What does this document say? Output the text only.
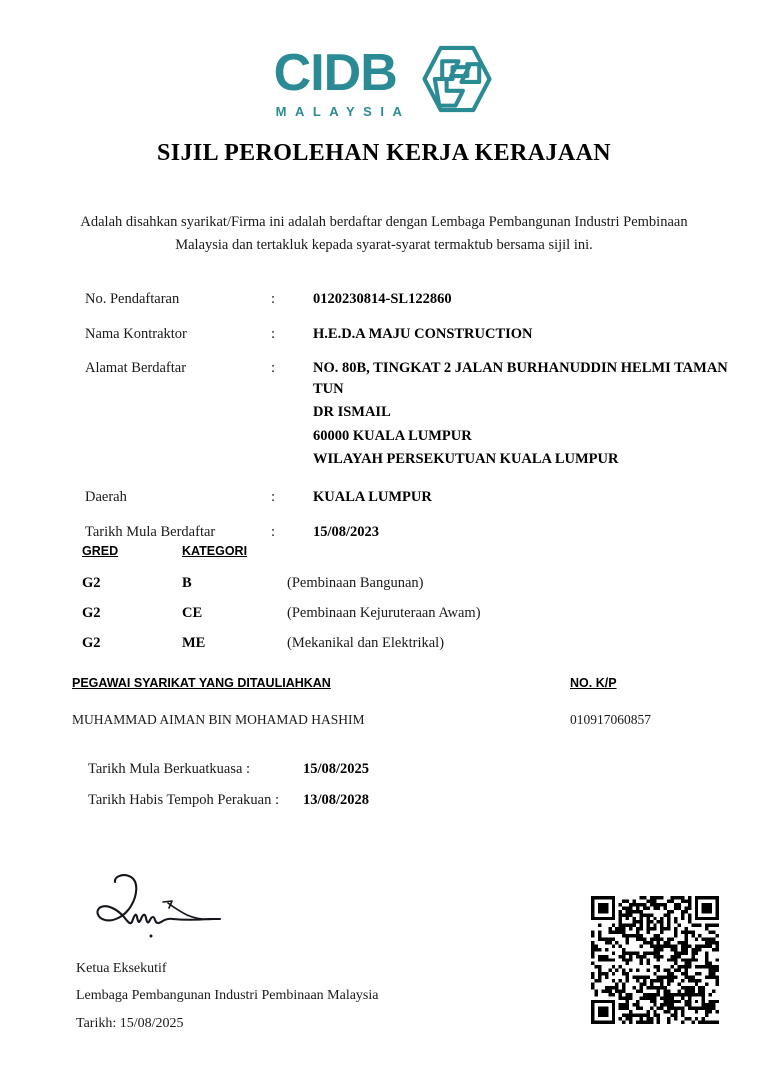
CIDB
MALAYSIA
SIJIL PEROLEHAN KERJA KERAJAAN
Adalah disahkan syarikat/Firma ini adalah berdaftar dengan Lembaga Pembangunan Industri Pembinaan Malaysia dan tertakluk kepada syarat-syarat termaktub bersama sijil ini.
No. Pendaftaran	:	0120230814-SL122860
Nama Kontraktor	:	H.E.D.A MAJU CONSTRUCTION
Alamat Berdaftar	:	NO. 80B, TINGKAT 2 JALAN BURHANUDDIN HELMI TAMAN TUN
DR ISMAIL
60000 KUALA LUMPUR
WILAYAH PERSEKUTUAN KUALA LUMPUR
Daerah	:	KUALA LUMPUR
Tarikh Mula Berdaftar	:	15/08/2023
GRED	KATEGORI
G2	B	(Pembinaan Bangunan)
G2	CE	(Pembinaan Kejuruteraan Awam)
G2	ME	(Mekanikal dan Elektrikal)
PEGAWAI SYARIKAT YANG DITAULIAHKAN	NO. K/P
MUHAMMAD AIMAN BIN MOHAMAD HASHIM	010917060857
Tarikh Mula Berkuatkuasa :	15/08/2025
Tarikh Habis Tempoh Perakuan :	13/08/2028
Ketua Eksekutif
Lembaga Pembangunan Industri Pembinaan Malaysia
Tarikh: 15/08/2025
